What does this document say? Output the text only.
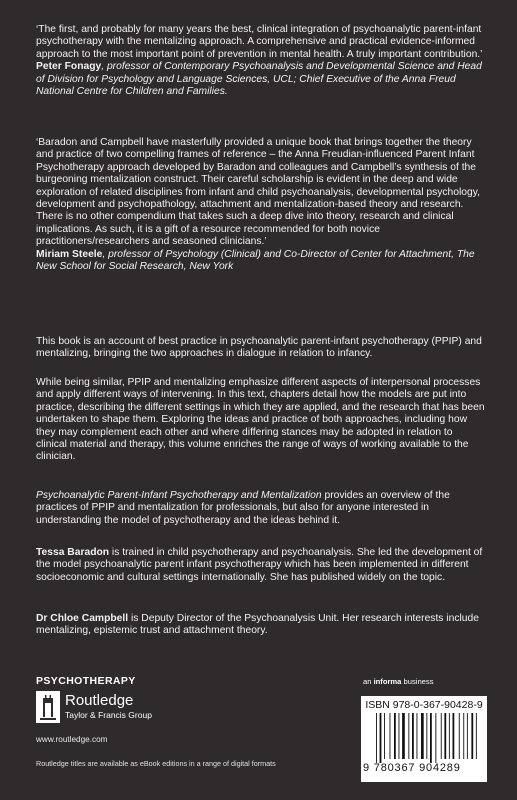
‘The first, and probably for many years the best, clinical integration of psychoanalytic parent-infant psychotherapy with the mentalizing approach. A comprehensive and practical evidence-informed approach to the most important point of prevention in mental health. A truly important contribution.’

Peter Fonagy, professor of Contemporary Psychoanalysis and Developmental Science and Head of Division for Psychology and Language Sciences, UCL; Chief Executive of the Anna Freud National Centre for Children and Families.

‘Baradon and Campbell have masterfully provided a unique book that brings together the theory and practice of two compelling frames of reference – the Anna Freudian-influenced Parent Infant Psychotherapy approach developed by Baradon and colleagues and Campbell’s synthesis of the burgeoning mentalization construct. Their careful scholarship is evident in the deep and wide exploration of related disciplines from infant and child psychoanalysis, developmental psychology, development and psychopathology, attachment and mentalization-based theory and research. There is no other compendium that takes such a deep dive into theory, research and clinical implications. As such, it is a gift of a resource recommended for both novice practitioners/researchers and seasoned clinicians.’

Miriam Steele, professor of Psychology (Clinical) and Co-Director of Center for Attachment, The New School for Social Research, New York

This book is an account of best practice in psychoanalytic parent-infant psychotherapy (PPIP) and mentalizing, bringing the two approaches in dialogue in relation to infancy.

While being similar, PPIP and mentalizing emphasize different aspects of interpersonal processes and apply different ways of intervening. In this text, chapters detail how the models are put into practice, describing the different settings in which they are applied, and the research that has been undertaken to shape them. Exploring the ideas and practice of both approaches, including how they may complement each other and where differing stances may be adopted in relation to clinical material and therapy, this volume enriches the range of ways of working available to the clinician.

Psychoanalytic Parent-Infant Psychotherapy and Mentalization provides an overview of the practices of PPIP and mentalization for professionals, but also for anyone interested in understanding the model of psychotherapy and the ideas behind it.

Tessa Baradon is trained in child psychotherapy and psychoanalysis. She led the development of the model psychoanalytic parent infant psychotherapy which has been implemented in different socioeconomic and cultural settings internationally. She has published widely on the topic.

Dr Chloe Campbell is Deputy Director of the Psychoanalysis Unit. Her research interests include mentalizing, epistemic trust and attachment theory.

PSYCHOTHERAPY
Routledge
Taylor & Francis Group
www.routledge.com
Routledge titles are available as eBook editions in a range of digital formats
an informa business
ISBN 978-0-367-90428-9
9 780367 904289
